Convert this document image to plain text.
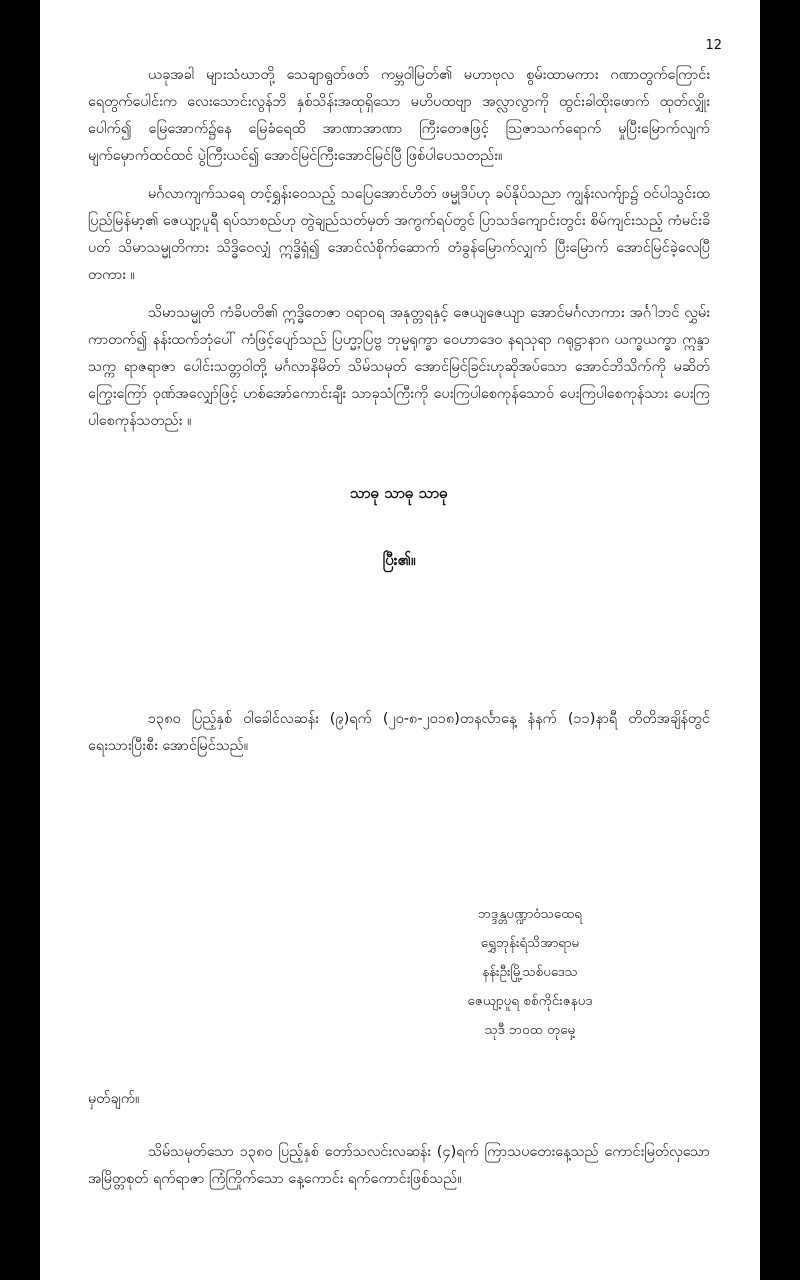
12

ယခုအခါ များသံဃာတို့ သေချာရွတ်ဖတ် ကမ္ဘဝါမြတ်၏ မဟာဗုလ စွမ်းထာမကား ဂဏာတွက်ကြောင်း ရေတွက်ပေါင်းက လေးသောင်းလွန်ဘိ နှစ်သိန်းအထုရှိသော မဟိပထဗျာ အလ္လာလွာကို ထွင်းခါထိုးဖောက် ထုတ်လျှိုးပေါက်၍ မြေအောက်၌နေ မြေခံရေထိ အာဏာအာဏာ ကြီးတေဇဖြင့် ဩဇာသက်ရောက် မှုပြီးမြောက်လျက် မျက်မှောက်ထင်ထင် ပွဲကြီးယင်၍ အောင်မြင်ကြီးအောင်မြင်ပြီ ဖြစ်ပါပေသတည်း။

မင်္ဂလာကျက်သရေ တင့်ရွှန်းဝေသည့် သပြေအောင်ဟိတ် ဖမ္မုဒိပ်ဟု ခပ်နိုပ်သညာ ကျွန်းလက်ျာ၌ ဝင်ပါသွင်းထ ပြည်မြန်မာ့၏ ဇေယျာ့ပူရီ ရပ်သာစည်ဟု တွဲချည်သတ်မှတ် အကွက်ရပ်တွင် ပြာသဒ်ကျောင်းတွင်း စိမ်ကျင်းသည့် ကံမင်းခိပတ် သိမာသမ္မုတိကား သိဒ္ဓိဝေလျှံ ဣဒ္ဓိရှံ၍ အောင်လံစိုက်ဆောက် တံခွန်မြောက်လျှက် ပြီးမြောက် အောင်မြင်ခဲ့လေပြီတကား ။

သိမာသမ္မုတိ ကံခိပတိ၏ ဣဒ္ဓိတေဇာ ဝရာဝရ အနုတ္တရနှင့် ဇေယျဇေယျာ အောင်မင်္ဂလာကား အင်္ဂါဘင် လွှမ်းကာတက်၍ နန်းထက်ဘုံပေါ် ကံဖြင့်ပျော်သည် ပြဟ္မာ့ပြဗ္ဗ ဘုမ္မရုက္ခာ ဝေဟာဒေဝ နရသုရာ ဂရုဋ္ဌာနာဂ ယက္ခယက္ခာ ဣန္ဒာသက္က ရာဇရာဇာ ပေါင်းသတ္တဝါတို့ မင်္ဂလာနိမိတ် သိမ်သမုတ် အောင်မြင်ခြင်းဟုဆိုအပ်သော အောင်ဘိသိက်ကို မဆိတ်ကြွေးကြော် ဝုဏ်အလျှော်ဖြင့် ဟစ်အော်ကောင်းချီး သာခုသံကြီးကို ပေးကြပါစေကုန်သောဝ် ပေးကြပါစေကုန်သား ပေးကြပါစေကုန်သတည်း ။

သာဓု သာဓု သာဓု

ပြီး၏။

၁၃၈၀ ပြည့်နှစ် ဝါခေါင်လဆန်း (၉)ရက် (၂၀-၈-၂၀၁၈)တနင်္လာနေ့ နံနက် (၁၁)နာရီ တိတိအချိန်တွင် ရေးသားပြီးစီး အောင်မြင်သည်။

ဘဒ္ဒန္တပဏ္ဍာဝံသထေရ
ရွှေဘုန်းရံသိအာရာမ
နန်းဦးမြို့သစ်ပဒေသ
ဇေယျာ့ပူရ စစ်ကိုင်းဇနပဒ
သုဒီ ဘ၀ထ တုမှေ့
မှတ်ချက်။

သိမ်သမုတ်သော ၁၃၈၀ ပြည့်နှစ် တော်သလင်းလဆန်း (၄)ရက် ကြာသပတေးနေ့သည် ကောင်းမြတ်လှသော အမြိတ္တစုတ် ရက်ရာဇာ ကြံကြိုက်သော နေ့ကောင်း ရက်ကောင်းဖြစ်သည်။
